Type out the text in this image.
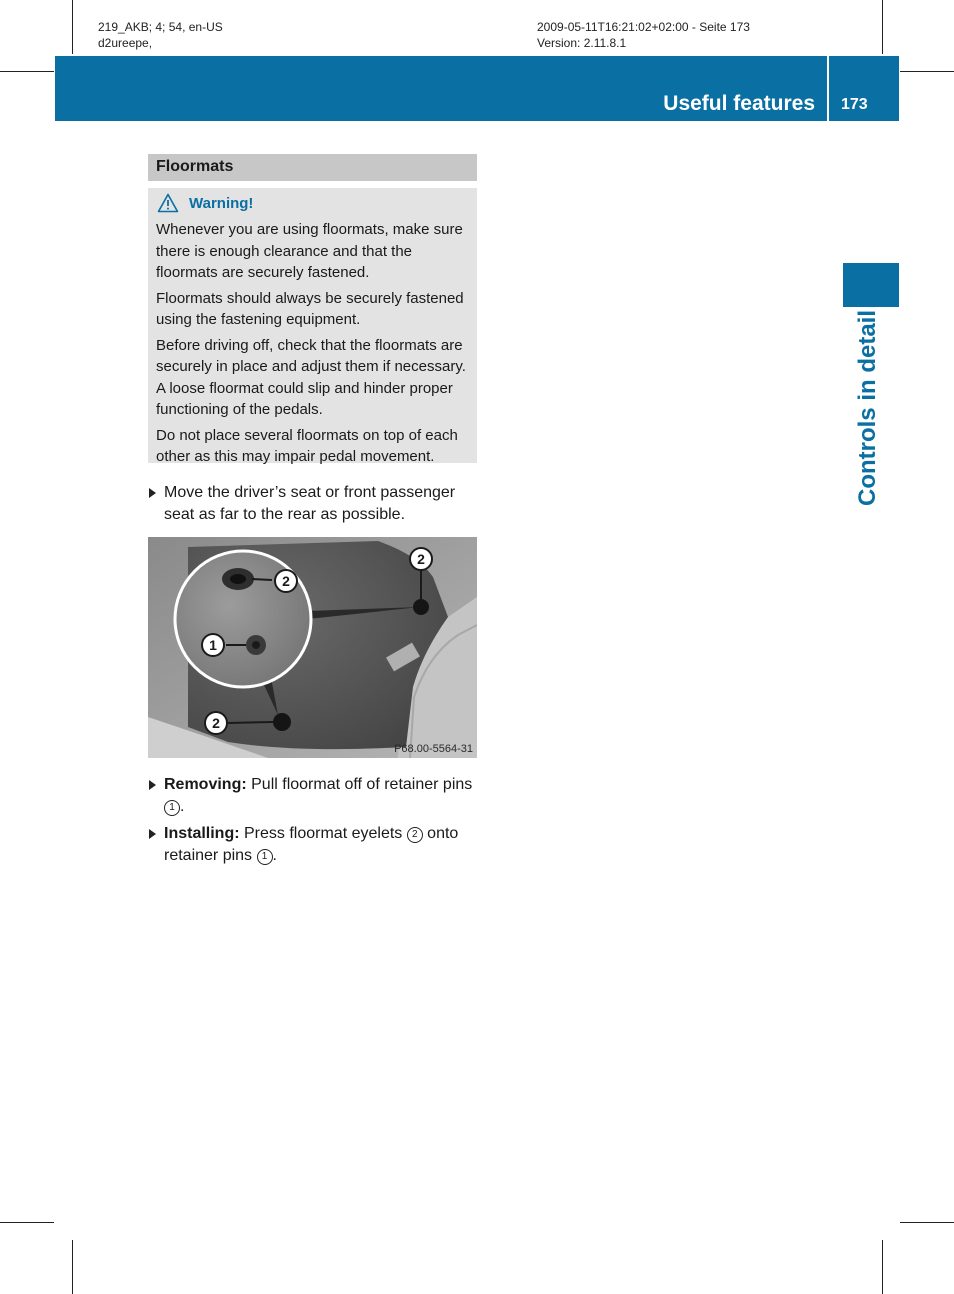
219_AKB; 4; 54, en-US
d2ureepe,
2009-05-11T16:21:02+02:00 - Seite 173
Version: 2.11.8.1
Useful features 173
Controls in detail
Floormats
Warning!

Whenever you are using floormats, make sure there is enough clearance and that the floormats are securely fastened.

Floormats should always be securely fastened using the fastening equipment.

Before driving off, check that the floormats are securely in place and adjust them if necessary. A loose floormat could slip and hinder proper functioning of the pedals.

Do not place several floormats on top of each other as this may impair pedal movement.

Move the driver’s seat or front passenger seat as far to the rear as possible.
2
2
1
2
P68.00-5564-31
Removing: Pull floormat off of retainer pins 1 .
Installing: Press floormat eyelets 2 onto retainer pins 1 .
